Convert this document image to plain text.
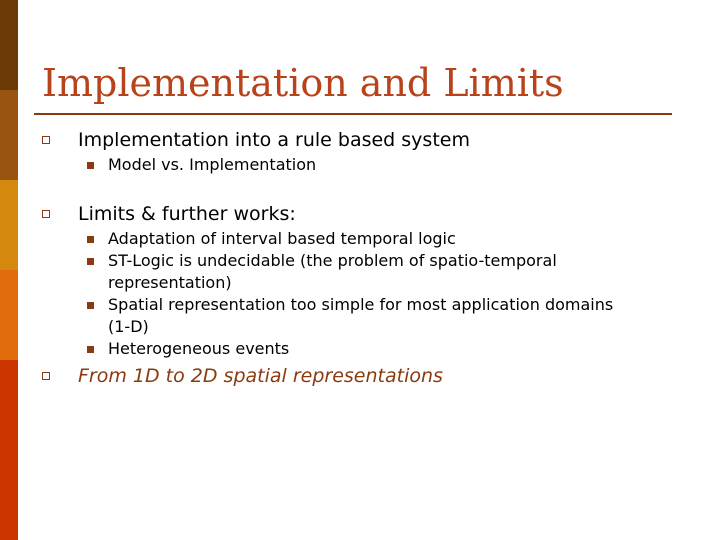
Implementation and Limits

Implementation into a rule based system

Model vs. Implementation

Limits & further works:

Adaptation of interval based temporal logic

ST-Logic is undecidable (the problem of spatio-temporal

representation)

Spatial representation too simple for most application domains

(1-D)

Heterogeneous events

From 1D to 2D spatial representations
